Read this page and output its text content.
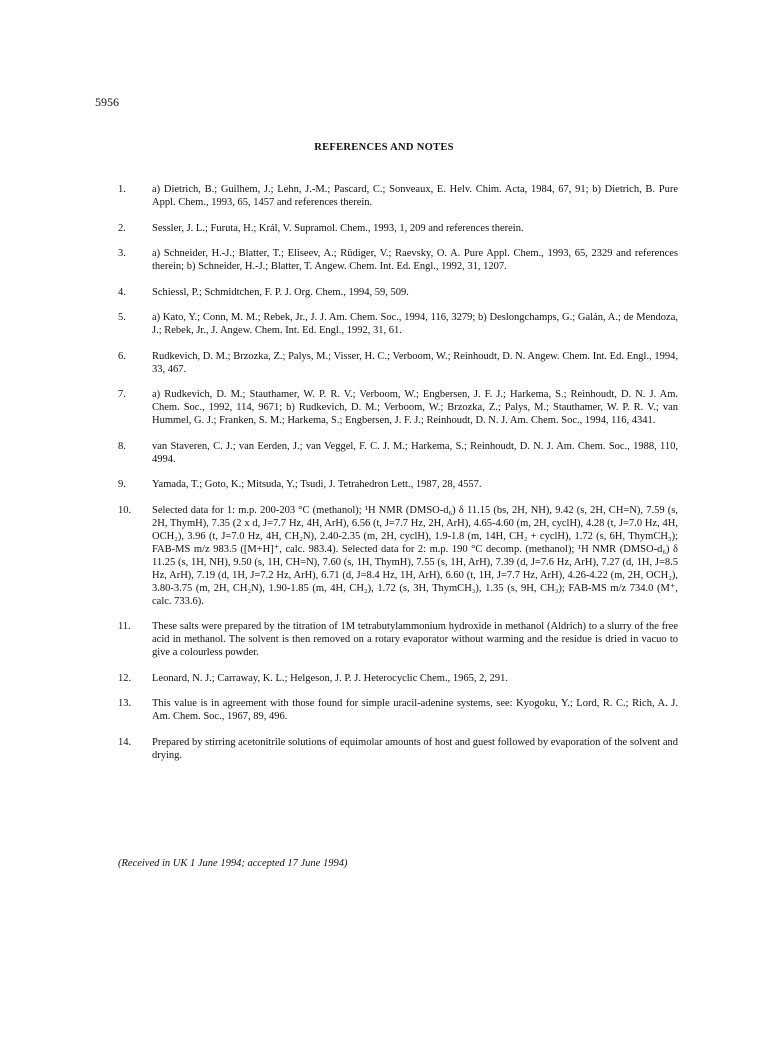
5956
REFERENCES AND NOTES
1.	a) Dietrich, B.; Guilhem, J.; Lehn, J.-M.; Pascard, C.; Sonveaux, E. Helv. Chim. Acta, 1984, 67, 91; b) Dietrich, B. Pure Appl. Chem., 1993, 65, 1457 and references therein.
2.	Sessler, J. L.; Furuta, H.; Král, V. Supramol. Chem., 1993, 1, 209 and references therein.
3.	a) Schneider, H.-J.; Blatter, T.; Eliseev, A.; Rüdiger, V.; Raevsky, O. A. Pure Appl. Chem., 1993, 65, 2329 and references therein; b) Schneider, H.-J.; Blatter, T. Angew. Chem. Int. Ed. Engl., 1992, 31, 1207.
4.	Schiessl, P.; Schmidtchen, F. P. J. Org. Chem., 1994, 59, 509.
5.	a) Kato, Y.; Conn, M. M.; Rebek, Jr., J. J. Am. Chem. Soc., 1994, 116, 3279; b) Deslongchamps, G.; Galán, A.; de Mendoza, J.; Rebek, Jr., J. Angew. Chem. Int. Ed. Engl., 1992, 31, 61.
6.	Rudkevich, D. M.; Brzozka, Z.; Palys, M.; Visser, H. C.; Verboom, W.; Reinhoudt, D. N. Angew. Chem. Int. Ed. Engl., 1994, 33, 467.
7.	a) Rudkevich, D. M.; Stauthamer, W. P. R. V.; Verboom, W.; Engbersen, J. F. J.; Harkema, S.; Reinhoudt, D. N. J. Am. Chem. Soc., 1992, 114, 9671; b) Rudkevich, D. M.; Verboom, W.; Brzozka, Z.; Palys, M.; Stauthamer, W. P. R. V.; van Hummel, G. J.; Franken, S. M.; Harkema, S.; Engbersen, J. F. J.; Reinhoudt, D. N. J. Am. Chem. Soc., 1994, 116, 4341.
8.	van Staveren, C. J.; van Eerden, J.; van Veggel, F. C. J. M.; Harkema, S.; Reinhoudt, D. N. J. Am. Chem. Soc., 1988, 110, 4994.
9.	Yamada, T.; Goto, K.; Mitsuda, Y.; Tsudi, J. Tetrahedron Lett., 1987, 28, 4557.
10.	Selected data for 1: m.p. 200-203 °C (methanol); ¹H NMR (DMSO-d₆) δ 11.15 (bs, 2H, NH), 9.42 (s, 2H, CH=N), 7.59 (s, 2H, ThymH), 7.35 (2 x d, J=7.7 Hz, 4H, ArH), 6.56 (t, J=7.7 Hz, 2H, ArH), 4.65-4.60 (m, 2H, cyclH), 4.28 (t, J=7.0 Hz, 4H, OCH₂), 3.96 (t, J=7.0 Hz, 4H, CH₂N), 2.40-2.35 (m, 2H, cyclH), 1.9-1.8 (m, 14H, CH₂ + cyclH), 1.72 (s, 6H, ThymCH₃); FAB-MS m/z 983.5 ([M+H]⁺, calc. 983.4). Selected data for 2: m.p. 190 °C decomp. (methanol); ¹H NMR (DMSO-d₆) δ 11.25 (s, 1H, NH), 9.50 (s, 1H, CH=N), 7.60 (s, 1H, ThymH), 7.55 (s, 1H, ArH), 7.39 (d, J=7.6 Hz, ArH), 7.27 (d, 1H, J=8.5 Hz, ArH), 7.19 (d, 1H, J=7.2 Hz, ArH), 6.71 (d, J=8.4 Hz, 1H, ArH), 6.60 (t, 1H, J=7.7 Hz, ArH), 4.26-4.22 (m, 2H, OCH₂), 3.80-3.75 (m, 2H, CH₂N), 1.90-1.85 (m, 4H, CH₂), 1.72 (s, 3H, ThymCH₃), 1.35 (s, 9H, CH₃); FAB-MS m/z 734.0 (M⁺, calc. 733.6).
11.	These salts were prepared by the titration of 1M tetrabutylammonium hydroxide in methanol (Aldrich) to a slurry of the free acid in methanol. The solvent is then removed on a rotary evaporator without warming and the residue is dried in vacuo to give a colourless powder.
12.	Leonard, N. J.; Carraway, K. L.; Helgeson, J. P. J. Heterocyclic Chem., 1965, 2, 291.
13.	This value is in agreement with those found for simple uracil-adenine systems, see: Kyogoku, Y.; Lord, R. C.; Rich, A. J. Am. Chem. Soc., 1967, 89, 496.
14.	Prepared by stirring acetonitrile solutions of equimolar amounts of host and guest followed by evaporation of the solvent and drying.
(Received in UK 1 June 1994; accepted 17 June 1994)
